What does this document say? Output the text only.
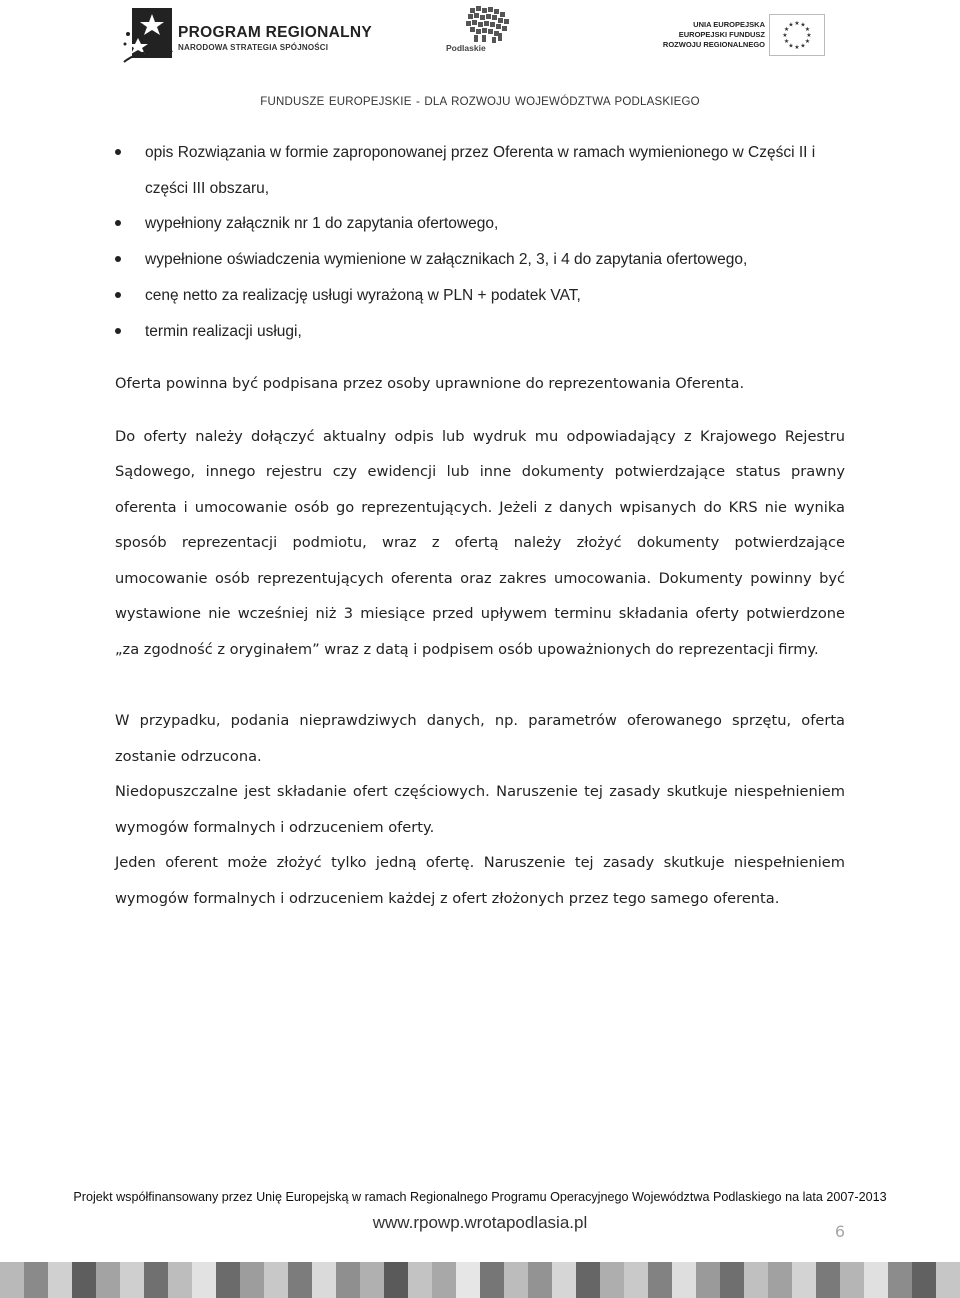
PROGRAM REGIONALNY
NARODOWA STRATEGIA SPÓJNOŚCI	Podlaskie
UNIA EUROPEJSKA
EUROPEJSKI FUNDUSZ
ROZWOJU REGIONALNEGO
★ ★
★
★
★
★
★
★
★
★
★
★
FUNDUSZE EUROPEJSKIE - DLA ROZWOJU WOJEWÓDZTWA PODLASKIEGO
opis Rozwiązania w formie zaproponowanej przez Oferenta w ramach wymienionego w Części II i części III obszaru,
wypełniony załącznik nr 1 do zapytania ofertowego,
wypełnione oświadczenia wymienione w załącznikach 2, 3, i 4 do zapytania ofertowego,
cenę netto za realizację usługi wyrażoną w PLN + podatek VAT,
termin realizacji usługi,

Oferta powinna być podpisana przez osoby uprawnione do reprezentowania Oferenta.

Do oferty należy dołączyć aktualny odpis lub wydruk mu odpowiadający z Krajowego Rejestru Sądowego, innego rejestru czy ewidencji lub inne dokumenty potwierdzające status prawny oferenta i umocowanie osób go reprezentujących. Jeżeli z danych wpisanych do KRS nie wynika sposób reprezentacji podmiotu, wraz z ofertą należy złożyć dokumenty potwierdzające umocowanie osób reprezentujących oferenta oraz zakres umocowania. Dokumenty powinny być wystawione nie wcześniej niż 3 miesiące przed upływem terminu składania oferty potwierdzone „za zgodność z oryginałem” wraz z datą i podpisem osób upoważnionych do reprezentacji firmy.

W przypadku, podania nieprawdziwych danych, np. parametrów oferowanego sprzętu, oferta zostanie odrzucona.

Niedopuszczalne jest składanie ofert częściowych. Naruszenie tej zasady skutkuje niespełnieniem wymogów formalnych i odrzuceniem oferty.

Jeden oferent może złożyć tylko jedną ofertę. Naruszenie tej zasady skutkuje niespełnieniem wymogów formalnych i odrzuceniem każdej z ofert złożonych przez tego samego oferenta.

Projekt współfinansowany przez Unię Europejską w ramach Regionalnego Programu Operacyjnego Województwa Podlaskiego na lata 2007-2013
www.rpowp.wrotapodlasia.pl	6
